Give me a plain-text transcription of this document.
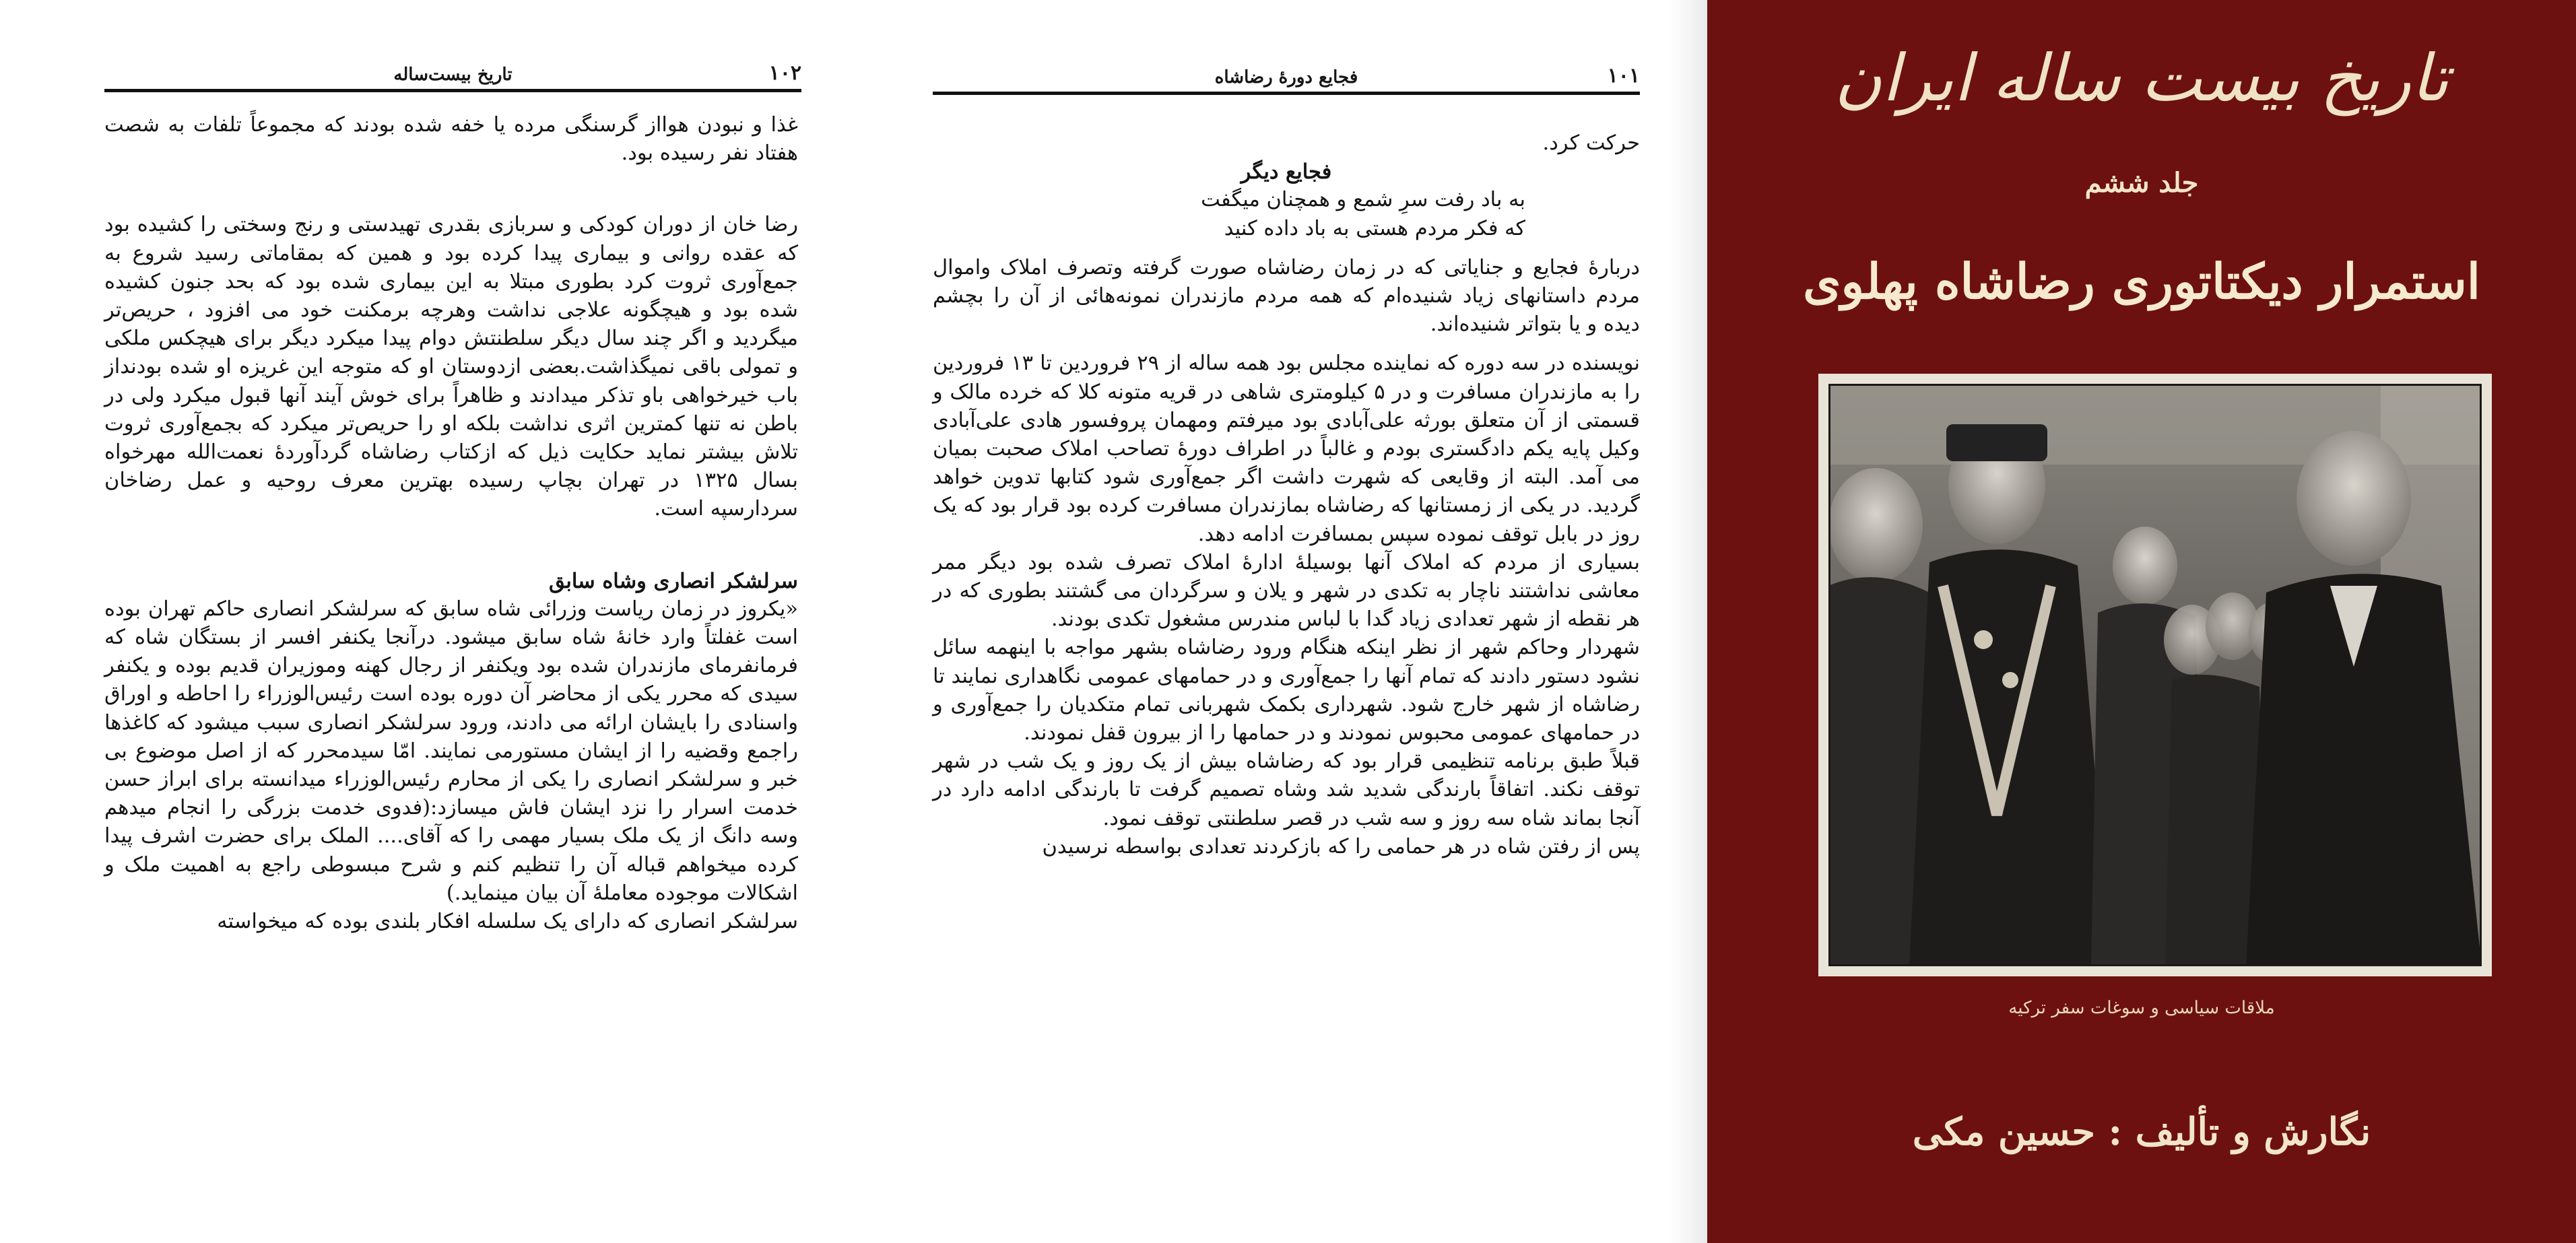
۱۰۲
تاریخ بیست‌ساله

غذا و نبودن هوااز گرسنگی مرده یا خفه شده بودند که مجموعاً تلفات به شصت هفتاد نفر رسیده بود.

رضا خان از دوران کودکی و سربازی بقدری تهیدستی و رنج وسختی را کشیده بود که عقده روانی و بیماری پیدا کرده بود و همین که بمقاماتی رسید شروع به جمع‌آوری ثروت کرد بطوری مبتلا به این بیماری شده بود که بحد جنون کشیده شده بود و هیچگونه علاجی نداشت وهرچه برمکنت خود می افزود ، حریص‌تر میگردید و اگر چند سال دیگر سلطنتش دوام پیدا میکرد دیگر برای هیچکس ملکی و تمولی باقی نمیگذاشت.بعضی ازدوستان او که متوجه این غریزه او شده بودنداز باب خیرخواهی باو تذکر میدادند و ظاهراً برای خوش آیند آنها قبول میکرد ولی در باطن نه تنها کمترین اثری نداشت بلکه او را حریص‌تر میکرد که بجمع‌آوری ثروت تلاش بیشتر نماید حکایت ذیل که ازکتاب رضاشاه گردآوردهٔ نعمت‌الله مهرخواه بسال ۱۳۲۵ در تهران بچاپ رسیده بهترین معرف روحیه و عمل رضاخان سردارسپه است.

سرلشکر انصاری وشاه سابق

«یکروز در زمان ریاست وزرائی شاه سابق که سرلشکر انصاری حاکم تهران بوده است غفلتاً وارد خانهٔ شاه سابق میشود. درآنجا یکنفر افسر از بستگان شاه که فرمانفرمای مازندران شده بود ویکنفر از رجال کهنه وموزیران قدیم بوده و یکنفر سیدی که محرر یکی از محاضر آن دوره بوده است رئیس‌الوزراء را احاطه و اوراق واسنادی را بایشان ارائه می دادند، ورود سرلشکر انصاری سبب میشود که کاغذها راجمع وقضیه را از ایشان مستورمی نمایند. امّا سیدمحرر که از اصل موضوع بی خبر و سرلشکر انصاری را یکی از محارم رئیس‌الوزراء میدانسته برای ابراز حسن خدمت اسرار را نزد ایشان فاش میسازد:(فدوی خدمت بزرگی را انجام میدهم وسه دانگ از یک ملک بسیار مهمی را که آقای.... الملک برای حضرت اشرف پیدا کرده میخواهم قباله آن را تنظیم کنم و شرح مبسوطی راجع به اهمیت ملک و اشکالات موجوده معاملهٔ آن بیان مینماید.)

سرلشکر انصاری که دارای یک سلسله افکار بلندی بوده که میخواسته

۱۰۱
فجایع دورهٔ رضاشاه

حرکت کرد.

فجایع دیگر

به باد رفت سرِ شمع و همچنان میگفت

که فکر مردم هستی به باد داده کنید

دربارهٔ فجایع و جنایاتی که در زمان رضاشاه صورت گرفته وتصرف املاک واموال مردم داستانهای زیاد شنیده‌ام که همه مردم مازندران نمونه‌هائی از آن را بچشم دیده و یا بتواتر شنیده‌اند.

نویسنده در سه دوره که نماینده مجلس بود همه ساله از ۲۹ فروردین تا ۱۳ فروردین را به مازندران مسافرت و در ۵ کیلومتری شاهی در قریه متونه کلا که خرده مالک و قسمتی از آن متعلق بورثه علی‌آبادی بود میرفتم ومهمان پروفسور هادی علی‌آبادی وکیل پایه یکم دادگستری بودم و غالباً در اطراف دورهٔ تصاحب املاک صحبت بمیان می آمد. البته از وقایعی که شهرت داشت اگر جمع‌آوری شود کتابها تدوین خواهد گردید. در یکی از زمستانها که رضاشاه بمازندران مسافرت کرده بود قرار بود که یک روز در بابل توقف نموده سپس بمسافرت ادامه دهد.

بسیاری از مردم که املاک آنها بوسیلهٔ ادارهٔ املاک تصرف شده بود دیگر ممر معاشی نداشتند ناچار به تکدی در شهر و یلان و سرگردان می گشتند بطوری که در هر نقطه از شهر تعدادی زیاد گدا با لباس مندرس مشغول تکدی بودند.

شهردار وحاکم شهر از نظر اینکه هنگام ورود رضاشاه بشهر مواجه با اینهمه سائل نشود دستور دادند که تمام آنها را جمع‌آوری و در حمامهای عمومی نگاهداری نمایند تا رضاشاه از شهر خارج شود. شهرداری بکمک شهربانی تمام متکدیان را جمع‌آوری و در حمامهای عمومی محبوس نمودند و در حمامها را از بیرون قفل نمودند.

قبلاً طبق برنامه تنظیمی قرار بود که رضاشاه بیش از یک روز و یک شب در شهر توقف نکند. اتفاقاً بارندگی شدید شد وشاه تصمیم گرفت تا بارندگی ادامه دارد در آنجا بماند شاه سه روز و سه شب در قصر سلطنتی توقف نمود.

پس از رفتن شاه در هر حمامی را که بازکردند تعدادی بواسطه نرسیدن

تاریخ بیست ساله ایران
جلد ششم
استمرار دیکتاتوری رضاشاه پهلوی
ملاقات سیاسی و سوغات سفر ترکیه
نگارش و تألیف : حسین مکی
